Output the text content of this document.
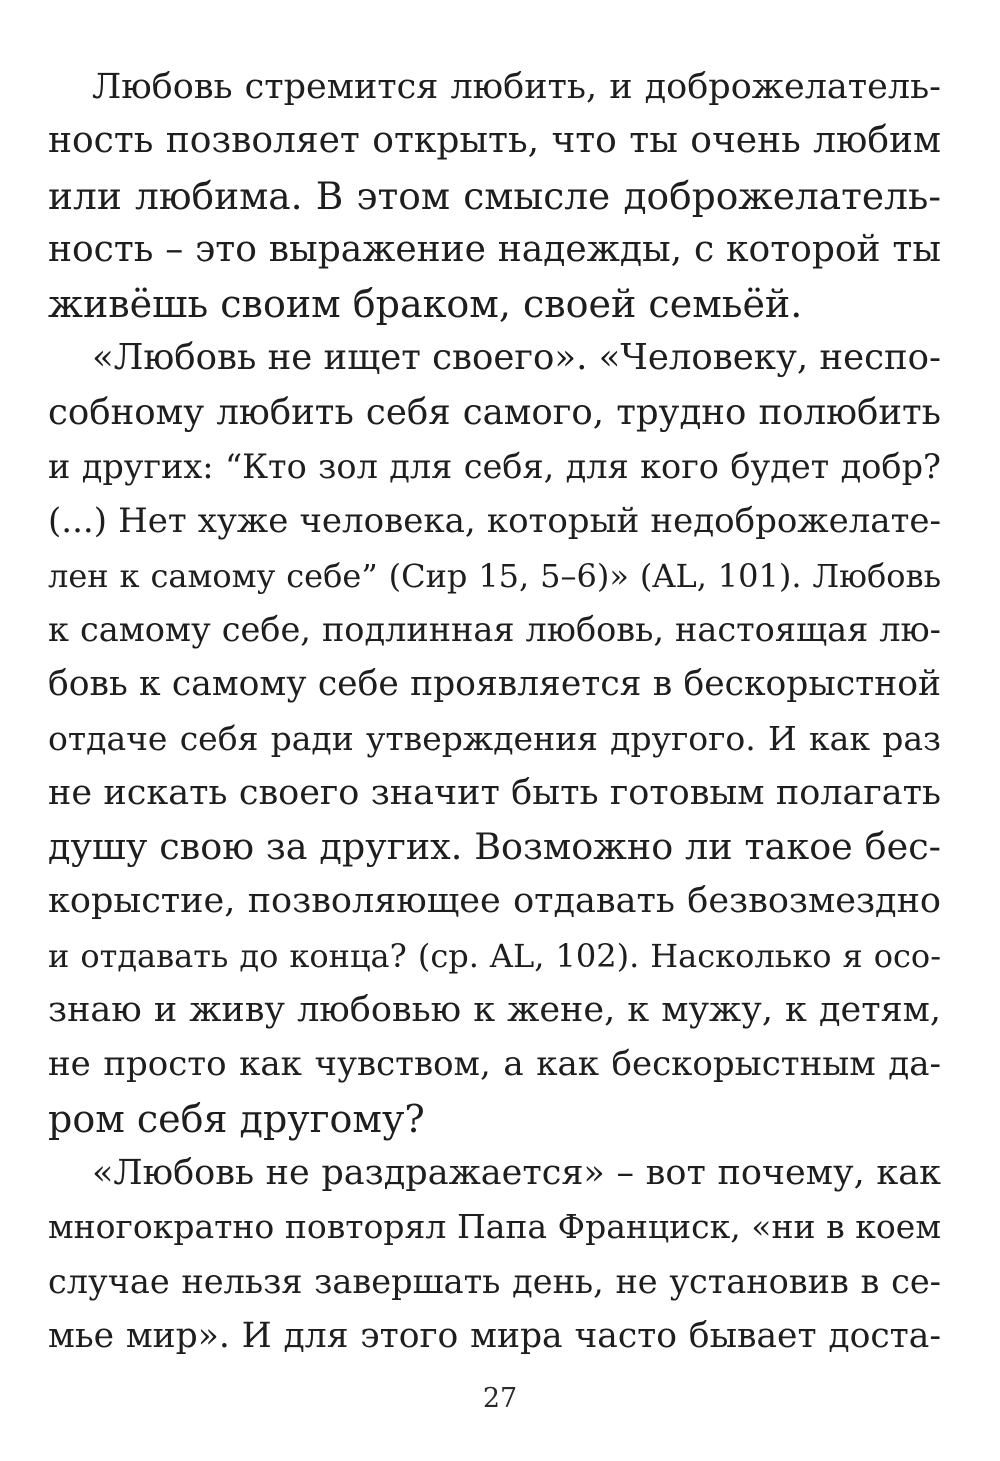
Любовь стремится любить, и доброжелатель-
ность позволяет открыть, что ты очень любим
или любима. В этом смысле доброжелатель-
ность – это выражение надежды, с которой ты
живёшь своим браком, своей семьёй.
«Любовь не ищет своего». «Человеку, неспо-
собному любить себя самого, трудно полюбить
и других: “Кто зол для себя, для кого будет добр?
(...) Нет хуже человека, который недоброжелате-
лен к самому себе” (Сир 15, 5–6)» (AL, 101). Любовь
к самому себе, подлинная любовь, настоящая лю-
бовь к самому себе проявляется в бескорыстной
отдаче себя ради утверждения другого. И как раз
не искать своего значит быть готовым полагать
душу свою за других. Возможно ли такое бес-
корыстие, позволяющее отдавать безвозмездно
и отдавать до конца? (ср. AL, 102). Насколько я осо-
знаю и живу любовью к жене, к мужу, к детям,
не просто как чувством, а как бескорыстным да-
ром себя другому?
«Любовь не раздражается» – вот почему, как
многократно повторял Папа Франциск, «ни в коем
случае нельзя завершать день, не установив в се-
мье мир». И для этого мира часто бывает доста-
27
